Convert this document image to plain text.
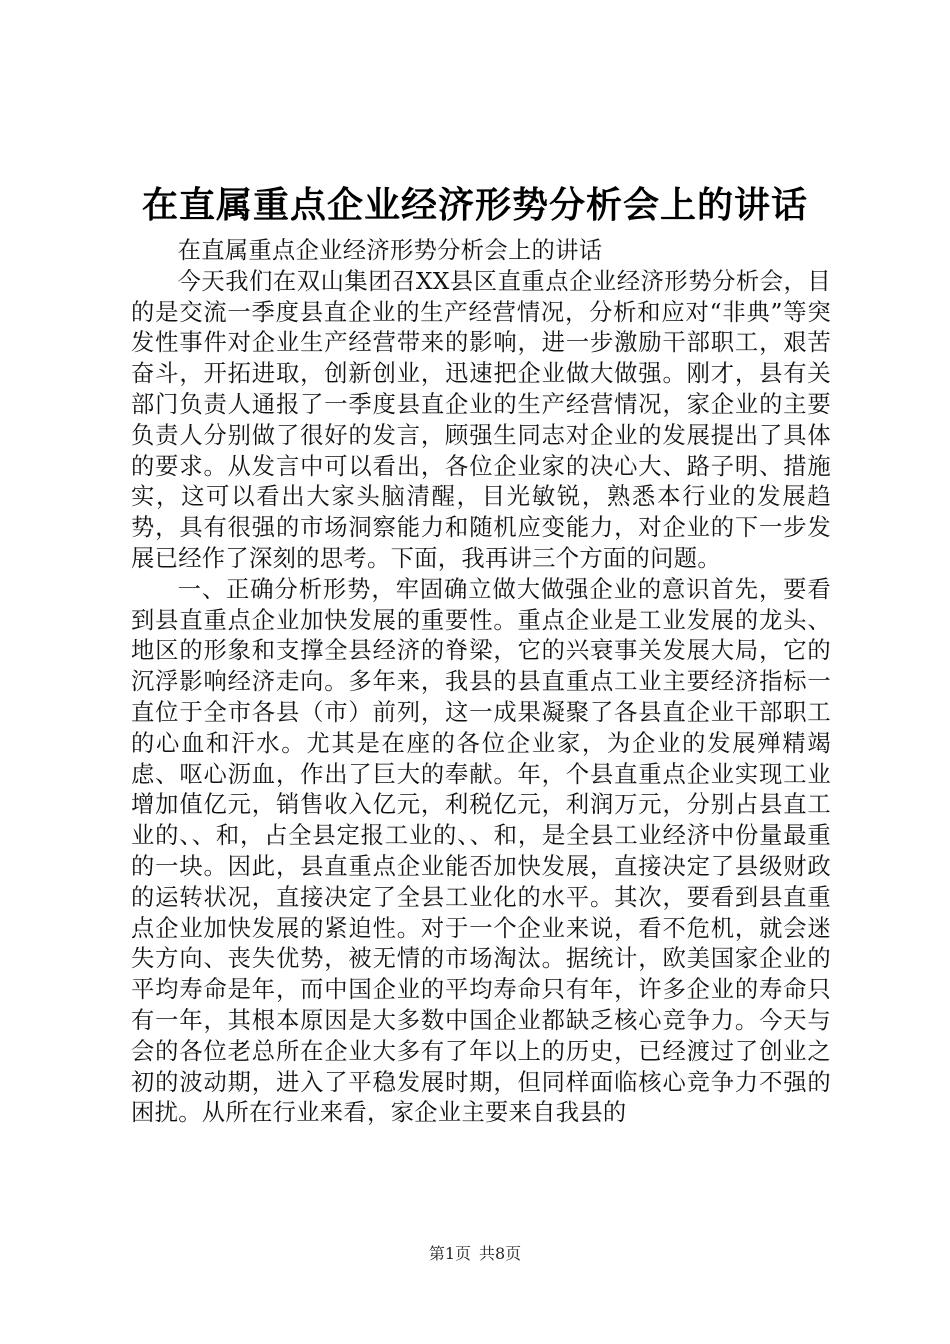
在直属重点企业经济形势分析会上的讲话

在直属重点企业经济形势分析会上的讲话

今天我们在双山集团召XX县区直重点企业经济形势分析会，目的是交流一季度县直企业的生产经营情况，分析和应对“非典”等突发性事件对企业生产经营带来的影响，进一步激励干部职工，艰苦奋斗，开拓进取，创新创业，迅速把企业做大做强。刚才，县有关部门负责人通报了一季度县直企业的生产经营情况，家企业的主要负责人分别做了很好的发言，顾强生同志对企业的发展提出了具体的要求。从发言中可以看出，各位企业家的决心大、路子明、措施实，这可以看出大家头脑清醒，目光敏锐，熟悉本行业的发展趋势，具有很强的市场洞察能力和随机应变能力，对企业的下一步发展已经作了深刻的思考。下面，我再讲三个方面的问题。

一、正确分析形势，牢固确立做大做强企业的意识首先，要看到县直重点企业加快发展的重要性。重点企业是工业发展的龙头、地区的形象和支撑全县经济的脊梁，它的兴衰事关发展大局，它的沉浮影响经济走向。多年来，我县的县直重点工业主要经济指标一直位于全市各县（市）前列，这一成果凝聚了各县直企业干部职工的心血和汗水。尤其是在座的各位企业家，为企业的发展殚精竭虑、呕心沥血，作出了巨大的奉献。年，个县直重点企业实现工业增加值亿元，销售收入亿元，利税亿元，利润万元，分别占县直工业的、、和，占全县定报工业的、、和，是全县工业经济中份量最重的一块。因此，县直重点企业能否加快发展，直接决定了县级财政的运转状况，直接决定了全县工业化的水平。其次，要看到县直重点企业加快发展的紧迫性。对于一个企业来说，看不危机，就会迷失方向、丧失优势，被无情的市场淘汰。据统计，欧美国家企业的平均寿命是年，而中国企业的平均寿命只有年，许多企业的寿命只有一年，其根本原因是大多数中国企业都缺乏核心竞争力。今天与会的各位老总所在企业大多有了年以上的历史，已经渡过了创业之初的波动期，进入了平稳发展时期，但同样面临核心竞争力不强的困扰。从所在行业来看，家企业主要来自我县的

第1页 共8页
